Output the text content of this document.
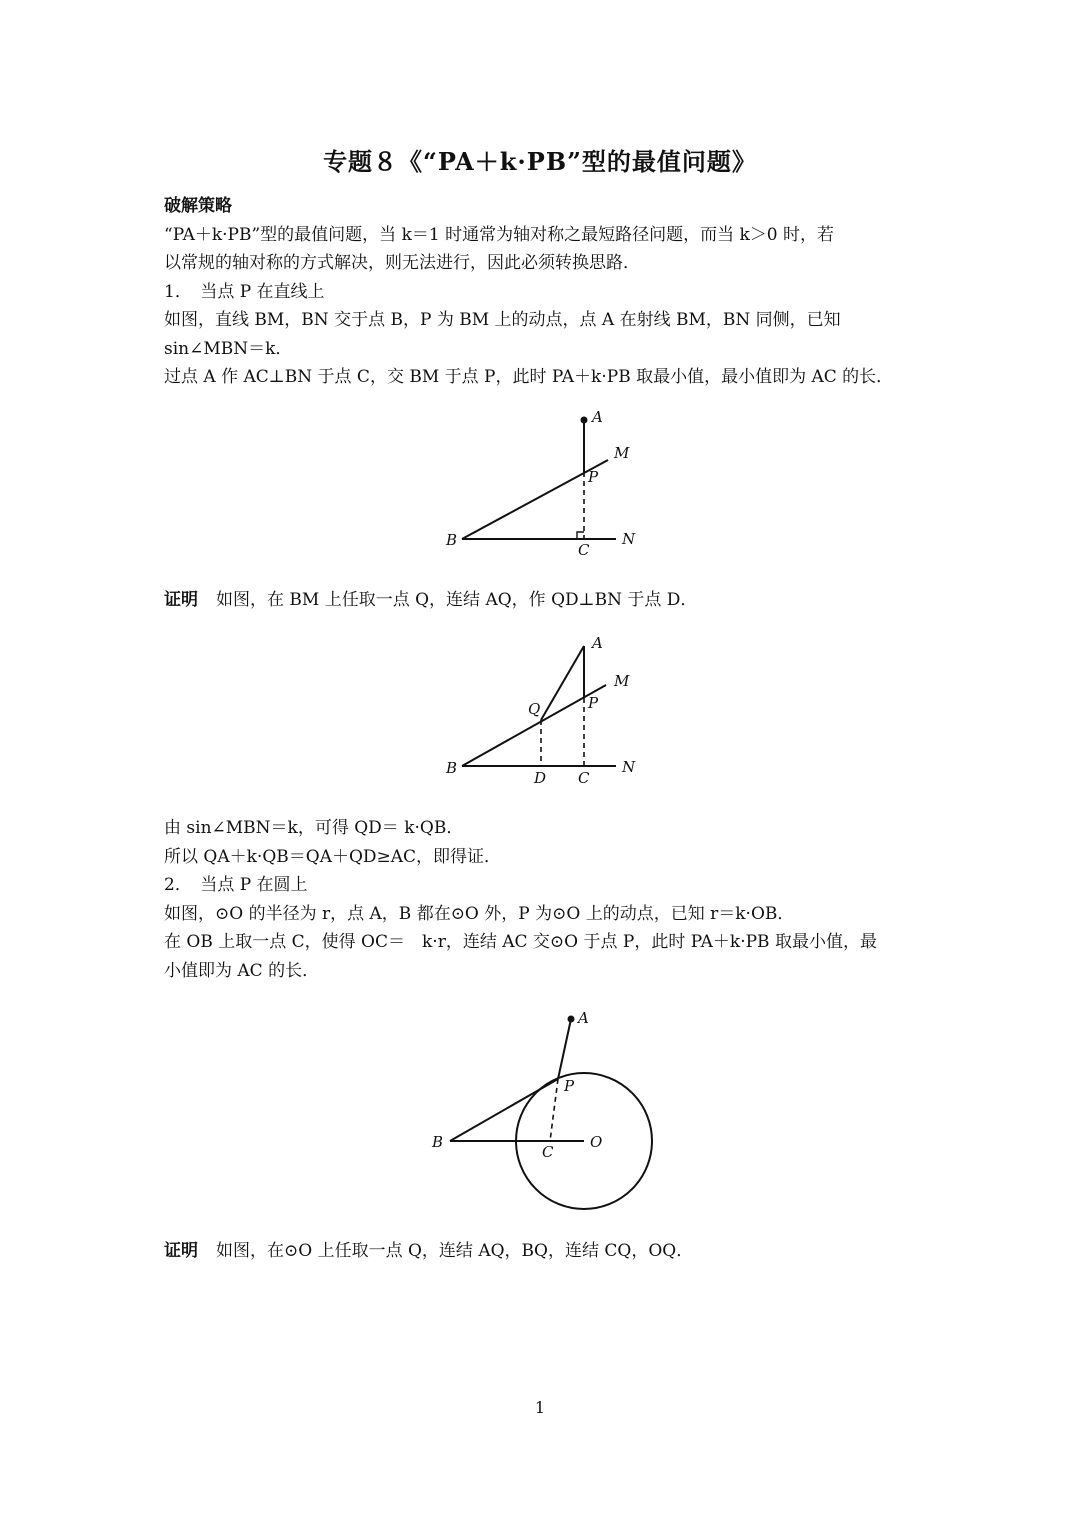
专题８《“PA＋k·PB”型的最值问题》

破解策略

“PA＋k·PB”型的最值问题，当 k＝1 时通常为轴对称之最短路径问题，而当 k＞0 时，若

以常规的轴对称的方式解决，则无法进行，因此必须转换思路．

1．　当点 P 在直线上

如图，直线 BM，BN 交于点 B，P 为 BM 上的动点，点 A 在射线 BM，BN 同侧，已知

sin∠MBN＝k．

过点 A 作 AC⊥BN 于点 C，交 BM 于点 P，此时 PA＋k·PB 取最小值，最小值即为 AC 的长．

A
M
P
B
C
N

证明 如图，在 BM 上任取一点 Q，连结 AQ，作 QD⊥BN 于点 D．

A
M
Q	P
B
D C
N

由 sin∠MBN＝k，可得 QD＝ k·QB．

所以 QA＋k·QB＝QA＋QD≥AC，即得证．

2．　当点 P 在圆上

如图，⊙O 的半径为 r，点 A，B 都在⊙O 外，P 为⊙O 上的动点，已知 r＝k·OB．

在 OB 上取一点 C，使得 OC＝　k·r，连结 AC 交⊙O 于点 P，此时 PA＋k·PB 取最小值，最

小值即为 AC 的长．

A
P
B
C
O

证明 如图，在⊙O 上任取一点 Q，连结 AQ，BQ，连结 CQ，OQ．

1
